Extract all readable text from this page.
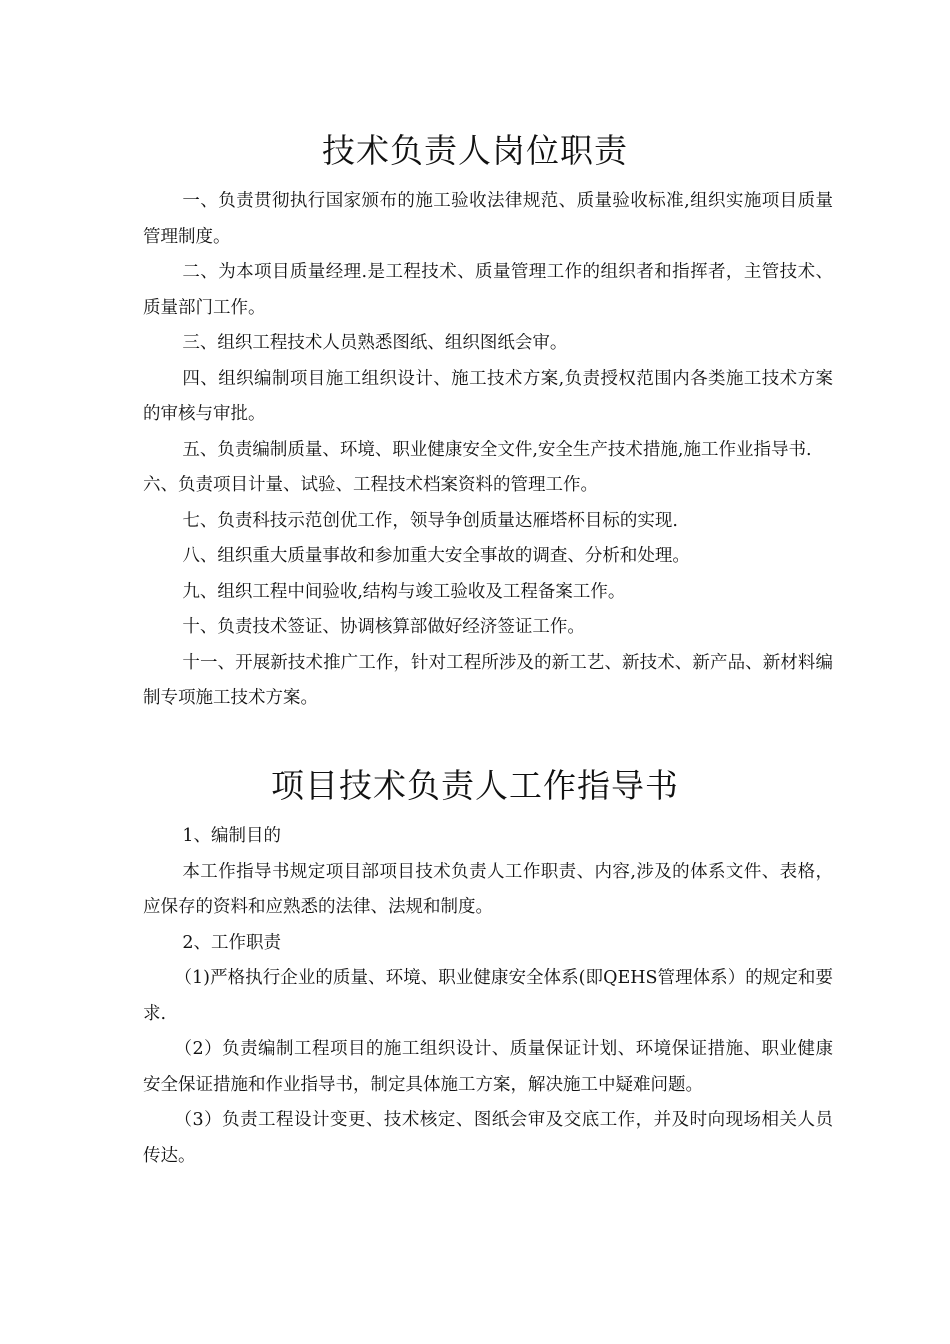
技术负责人岗位职责

一、负责贯彻执行国家颁布的施工验收法律规范、质量验收标准,组织实施项目质量管理制度。

二、为本项目质量经理.是工程技术、质量管理工作的组织者和指挥者，主管技术、质量部门工作。

三、组织工程技术人员熟悉图纸、组织图纸会审。

四、组织编制项目施工组织设计、施工技术方案,负责授权范围内各类施工技术方案的审核与审批。

五、负责编制质量、环境、职业健康安全文件,安全生产技术措施,施工作业指导书.

六、负责项目计量、试验、工程技术档案资料的管理工作。

七、负责科技示范创优工作，领导争创质量达雁塔杯目标的实现.

八、组织重大质量事故和参加重大安全事故的调查、分析和处理。

九、组织工程中间验收,结构与竣工验收及工程备案工作。

十、负责技术签证、协调核算部做好经济签证工作。

十一、开展新技术推广工作，针对工程所涉及的新工艺、新技术、新产品、新材料编制专项施工技术方案。

项目技术负责人工作指导书

1、编制目的

本工作指导书规定项目部项目技术负责人工作职责、内容,涉及的体系文件、表格，应保存的资料和应熟悉的法律、法规和制度。

2、工作职责

（1)严格执行企业的质量、环境、职业健康安全体系(即QEHS管理体系）的规定和要求.

（2）负责编制工程项目的施工组织设计、质量保证计划、环境保证措施、职业健康安全保证措施和作业指导书，制定具体施工方案，解决施工中疑难问题。

（3）负责工程设计变更、技术核定、图纸会审及交底工作，并及时向现场相关人员传达。
